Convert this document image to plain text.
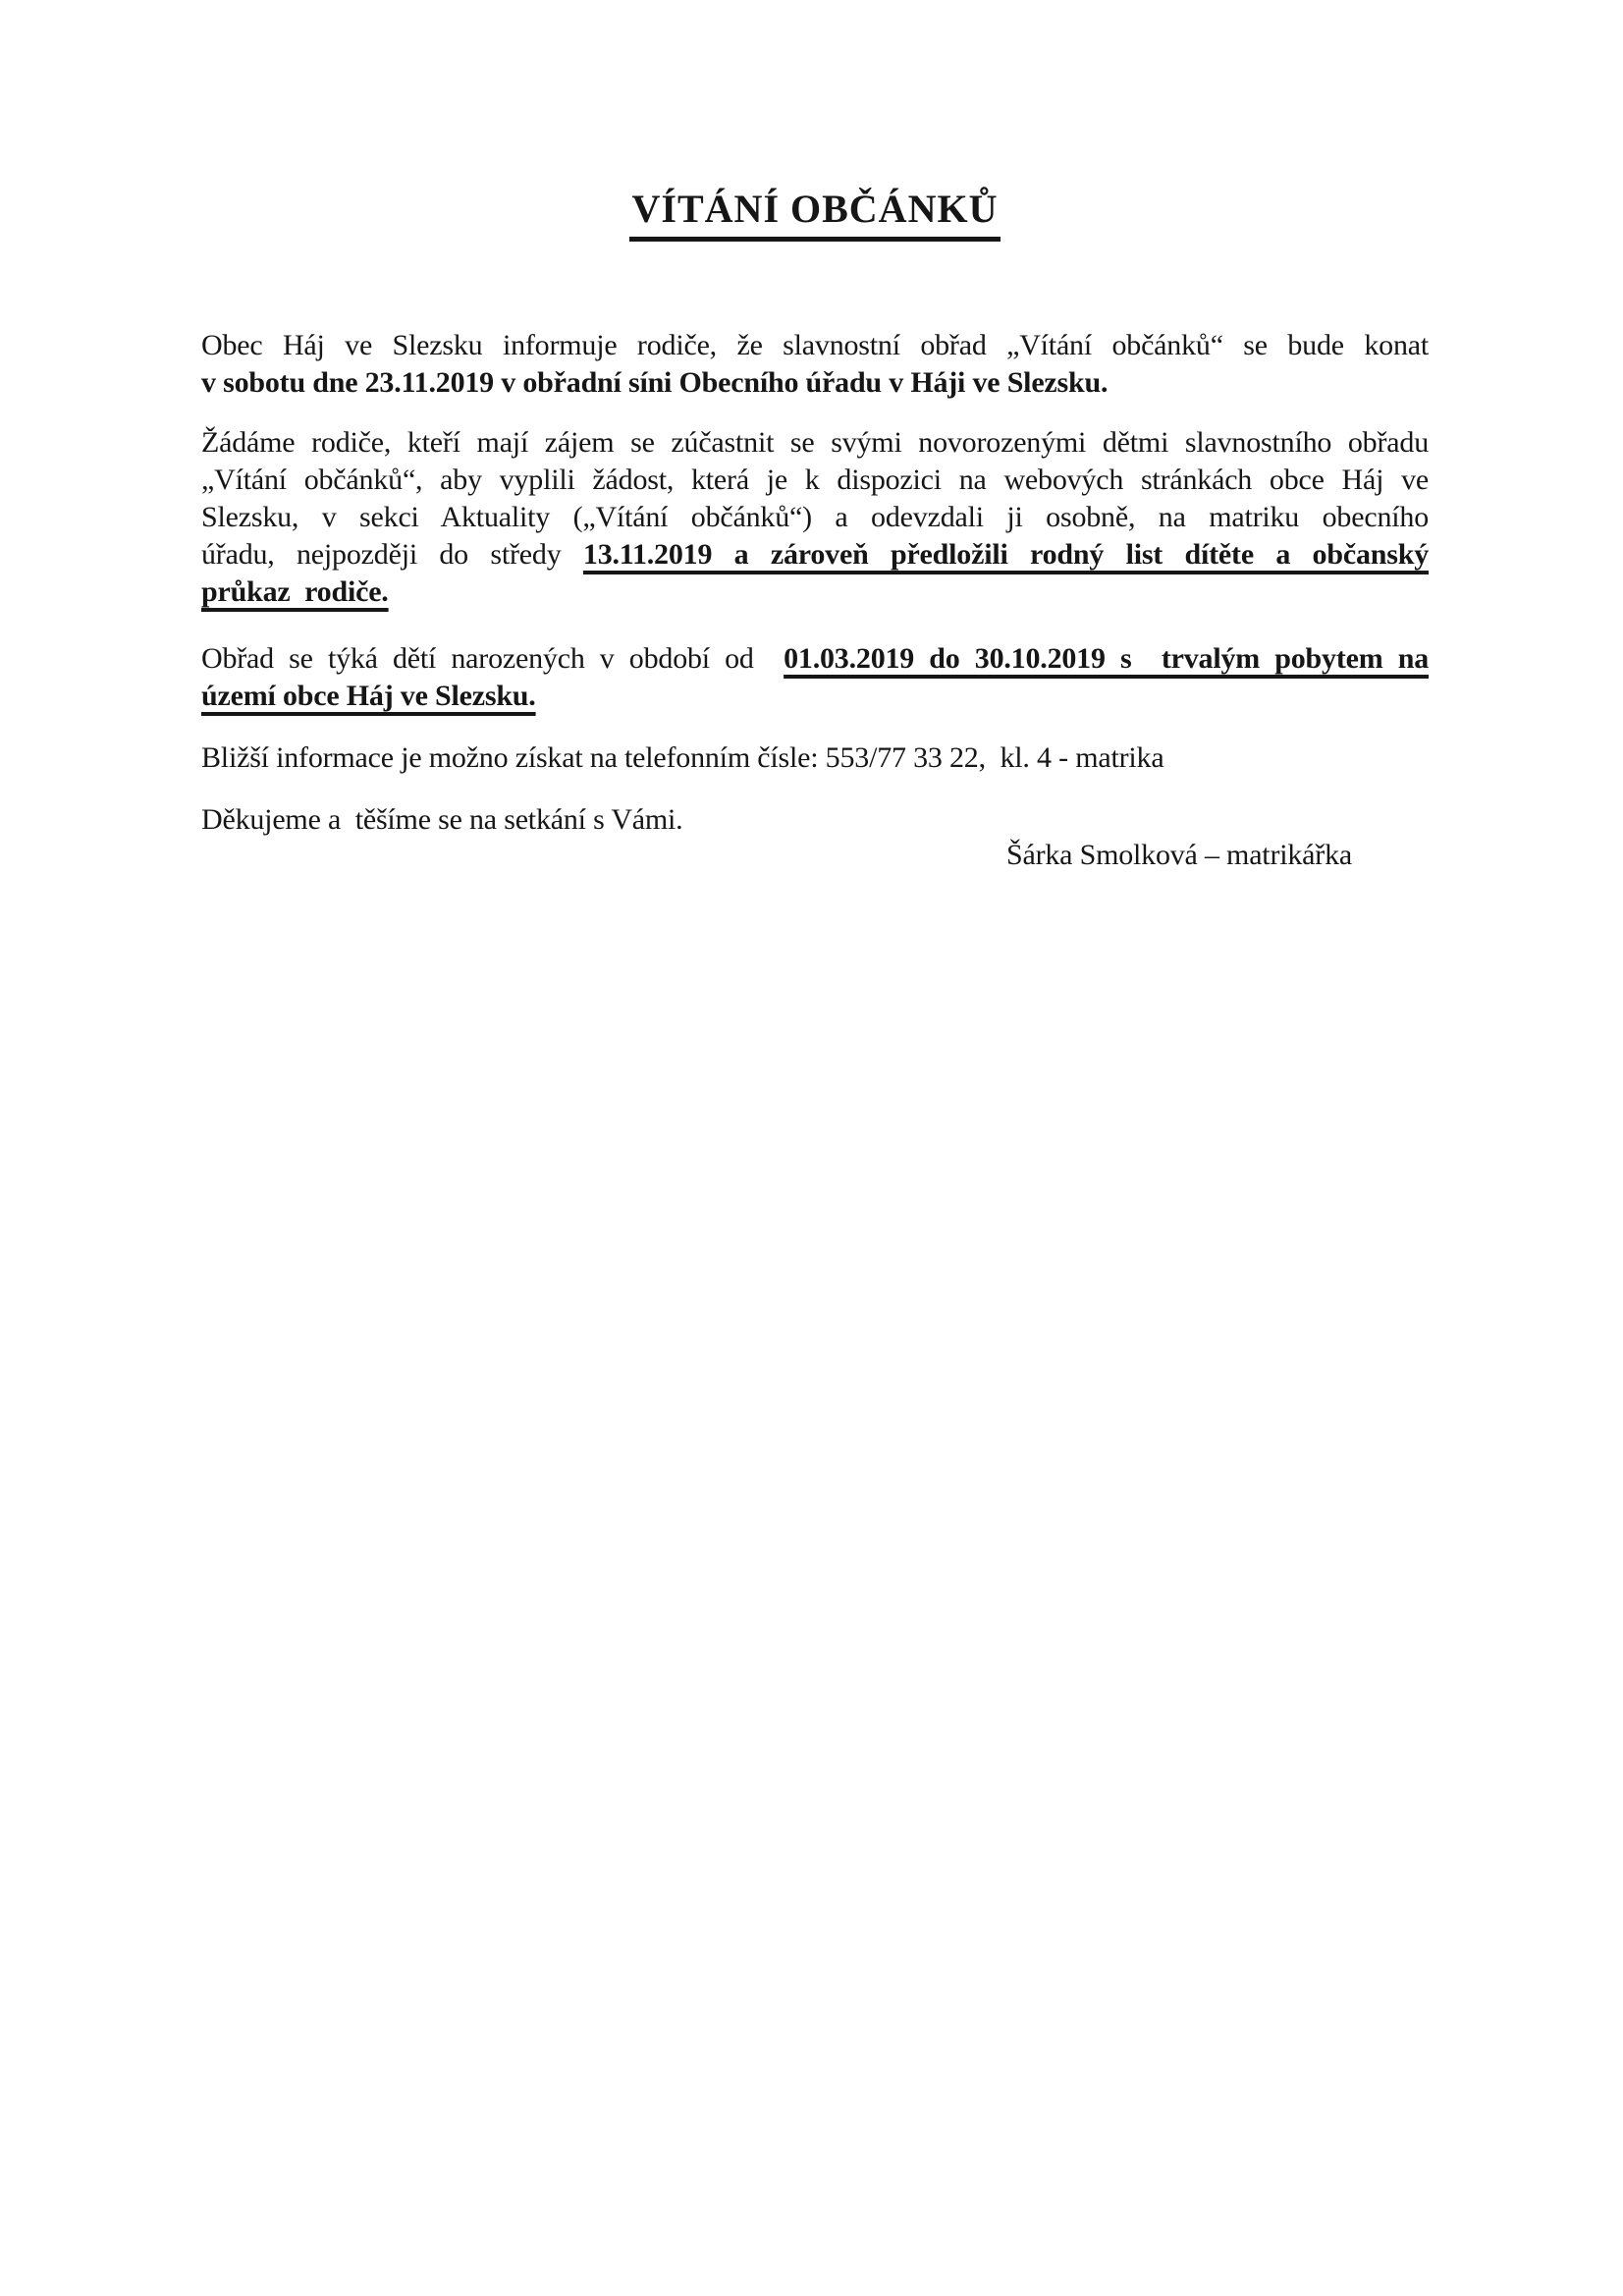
VÍTÁNÍ OBČÁNKŮ
Obec Háj ve Slezsku informuje rodiče, že slavnostní obřad „Vítání občánků“ se bude konat
v sobotu dne 23.11.2019 v obřadní síni Obecního úřadu v Háji ve Slezsku.
Žádáme rodiče, kteří mají zájem se zúčastnit se svými novorozenými dětmi slavnostního obřadu
„Vítání občánků“, aby vyplili žádost, která je k dispozici na webových stránkách obce Háj ve
Slezsku, v sekci Aktuality („Vítání občánků“) a odevzdali ji osobně, na matriku obecního
úřadu, nejpozději do středy 13.11.2019 a zároveň předložili rodný list dítěte a občanský
průkaz  rodiče.
Obřad se týká dětí narozených v období od  01.03.2019 do 30.10.2019 s  trvalým pobytem na
území obce Háj ve Slezsku.
Bližší informace je možno získat na telefonním čísle: 553/77 33 22,  kl. 4 - matrika
Děkujeme a  těšíme se na setkání s Vámi.
Šárka Smolková – matrikářka
